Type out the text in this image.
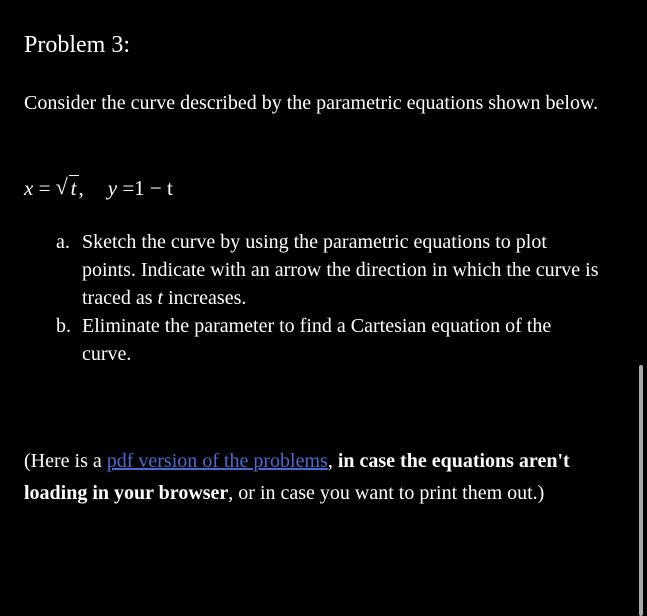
Problem 3:
Consider the curve described by the parametric equations shown below.
x = √ t, y =1 − t
a. Sketch the curve by using the parametric equations to plot points. Indicate with an arrow the direction in which the curve is traced as t increases.
b. Eliminate the parameter to find a Cartesian equation of the curve.
(Here is a pdf version of the problems, in case the equations aren't loading in your browser, or in case you want to print them out.)
